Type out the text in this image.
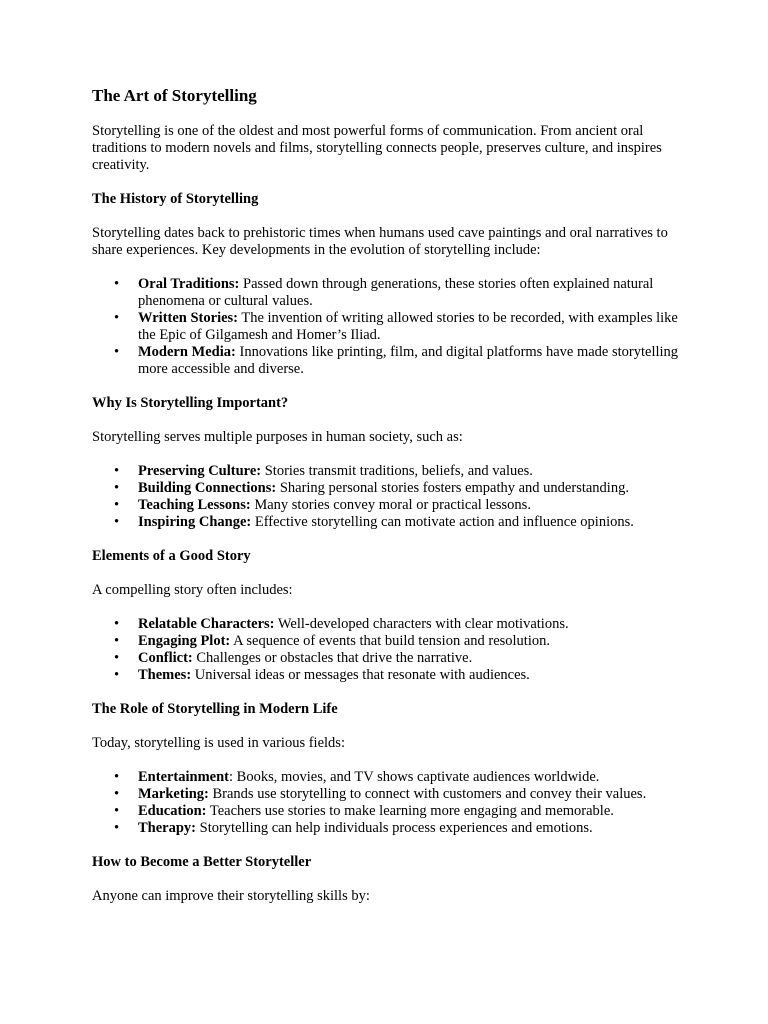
The Art of Storytelling

Storytelling is one of the oldest and most powerful forms of communication. From ancient oral traditions to modern novels and films, storytelling connects people, preserves culture, and inspires creativity.

The History of Storytelling

Storytelling dates back to prehistoric times when humans used cave paintings and oral narratives to share experiences. Key developments in the evolution of storytelling include:

• Oral Traditions: Passed down through generations, these stories often explained natural phenomena or cultural values.
• Written Stories: The invention of writing allowed stories to be recorded, with examples like the Epic of Gilgamesh and Homer’s Iliad.
• Modern Media: Innovations like printing, film, and digital platforms have made storytelling more accessible and diverse.
Why Is Storytelling Important?

Storytelling serves multiple purposes in human society, such as:

• Preserving Culture: Stories transmit traditions, beliefs, and values.
• Building Connections: Sharing personal stories fosters empathy and understanding.
• Teaching Lessons: Many stories convey moral or practical lessons.
• Inspiring Change: Effective storytelling can motivate action and influence opinions.
Elements of a Good Story

A compelling story often includes:

• Relatable Characters: Well-developed characters with clear motivations.
• Engaging Plot: A sequence of events that build tension and resolution.
• Conflict: Challenges or obstacles that drive the narrative.
• Themes: Universal ideas or messages that resonate with audiences.
The Role of Storytelling in Modern Life

Today, storytelling is used in various fields:

• Entertainment: Books, movies, and TV shows captivate audiences worldwide.
• Marketing: Brands use storytelling to connect with customers and convey their values.
• Education: Teachers use stories to make learning more engaging and memorable.
• Therapy: Storytelling can help individuals process experiences and emotions.
How to Become a Better Storyteller

Anyone can improve their storytelling skills by:
